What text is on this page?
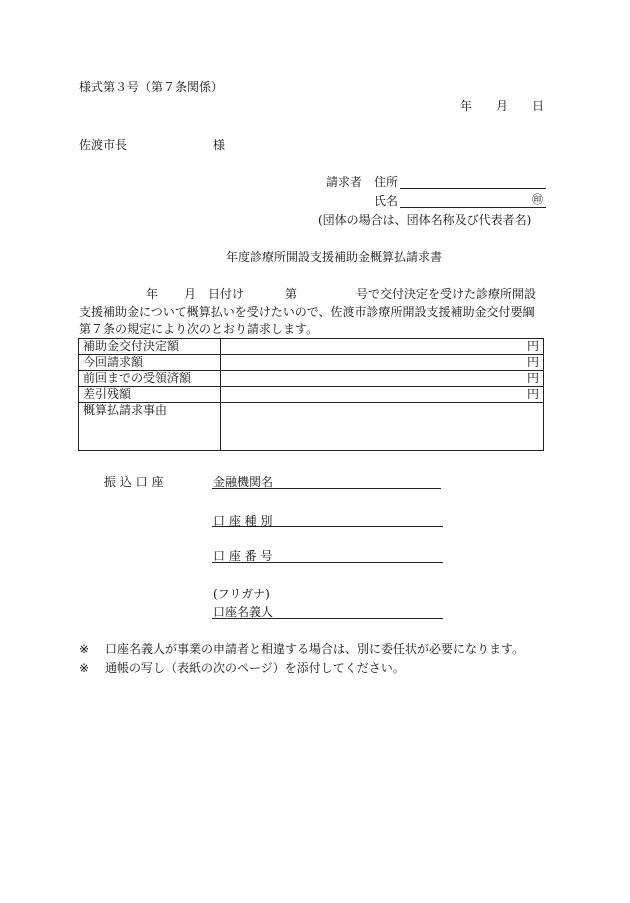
様式第３号（第７条関係）
年　　月　　日
佐渡市長	様
請求者 住所
氏名	㊞
(団体の場合は、団体名称及び代表者名)
年度診療所開設支援補助金概算払請求書
年 月 日付け	第	号で交付決定を受けた診療所開設
支援補助金について概算払いを受けたいので、佐渡市診療所開設支援補助金交付要綱
第７条の規定により次のとおり請求します。
補助金交付決定額	円
今回請求額	円
前回までの受領済額	円
差引残額	円
概算払請求事由	
振 込 口 座	金融機関名
口 座 種 別
口 座 番 号
(フリガナ)
口座名義人
※ 口座名義人が事業の申請者と相違する場合は、別に委任状が必要になります。
※ 通帳の写し（表紙の次のページ）を添付してください。
